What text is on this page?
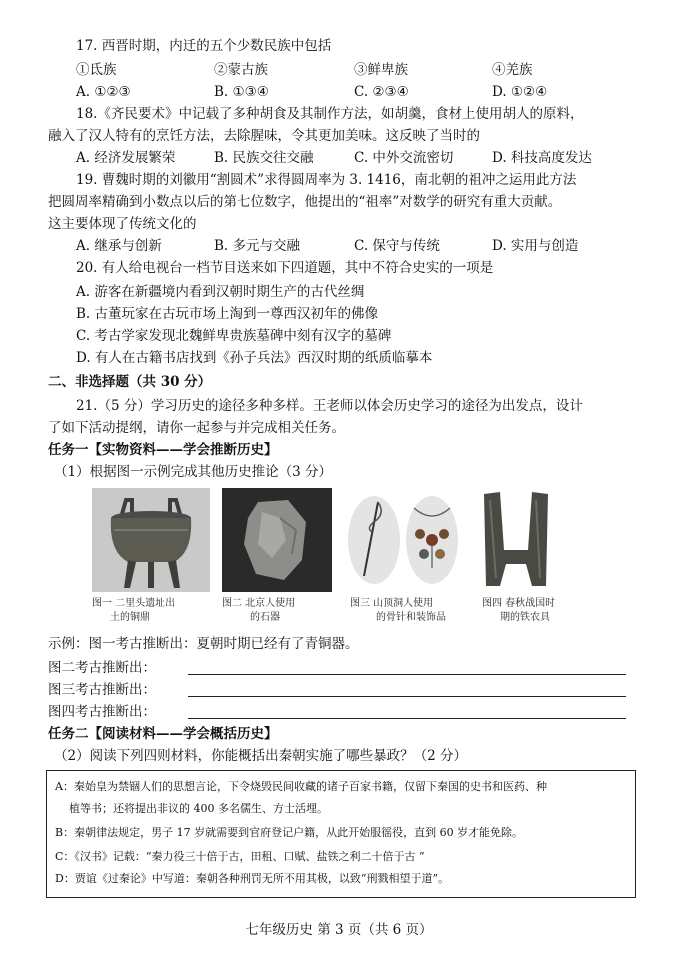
17. 西晋时期，内迁的五个少数民族中包括
①氐族	②蒙古族	③鲜卑族	④羌族
A. ①②③	B. ①③④	C. ②③④	D. ①②④
18.《齐民要术》中记载了多种胡食及其制作方法，如胡羹，食材上使用胡人的原料，
融入了汉人特有的烹饪方法，去除腥味，令其更加美味。这反映了当时的
A. 经济发展繁荣	B. 民族交往交融	C. 中外交流密切	D. 科技高度发达
19. 曹魏时期的刘徽用“割圆术”求得圆周率为 3. 1416，南北朝的祖冲之运用此方法
把圆周率精确到小数点以后的第七位数字，他提出的“祖率”对数学的研究有重大贡献。
这主要体现了传统文化的
A. 继承与创新	B. 多元与交融	C. 保守与传统	D. 实用与创造
20. 有人给电视台一档节目送来如下四道题，其中不符合史实的一项是
A. 游客在新疆境内看到汉朝时期生产的古代丝绸
B. 古董玩家在古玩市场上淘到一尊西汉初年的佛像
C. 考古学家发现北魏鲜卑贵族墓碑中刻有汉字的墓碑
D. 有人在古籍书店找到《孙子兵法》西汉时期的纸质临摹本
二、非选择题（共 30 分）
21.（5 分）学习历史的途径多种多样。王老师以体会历史学习的途径为出发点，设计
了如下活动提纲，请你一起参与并完成相关任务。
任务一【实物资料——学会推断历史】
（1）根据图一示例完成其他历史推论（3 分）
图一 二里头遗址出
土的铜鼎
图二 北京人使用
的石器
图三 山顶洞人使用
的骨针和装饰品
图四 春秋战国时
期的铁农具
示例：图一考古推断出：夏朝时期已经有了青铜器。
图二考古推断出：
图三考古推断出：
图四考古推断出：
任务二【阅读材料——学会概括历史】
（2）阅读下列四则材料，你能概括出秦朝实施了哪些暴政？（2 分）
A：秦始皇为禁锢人们的思想言论，下令烧毁民间收藏的诸子百家书籍，仅留下秦国的史书和医药、种
植等书；还将提出非议的 400 多名儒生、方士活埋。
B：秦朝律法规定，男子 17 岁就需要到官府登记户籍，从此开始服徭役，直到 60 岁才能免除。
C：《汉书》记载：“秦力役三十倍于古，田租、口赋、盐铁之利二十倍于古 ”
D：贾谊《过秦论》中写道：秦朝各种刑罚无所不用其极，以致“刑戮相望于道”。
七年级历史 第 3 页（共 6 页）
